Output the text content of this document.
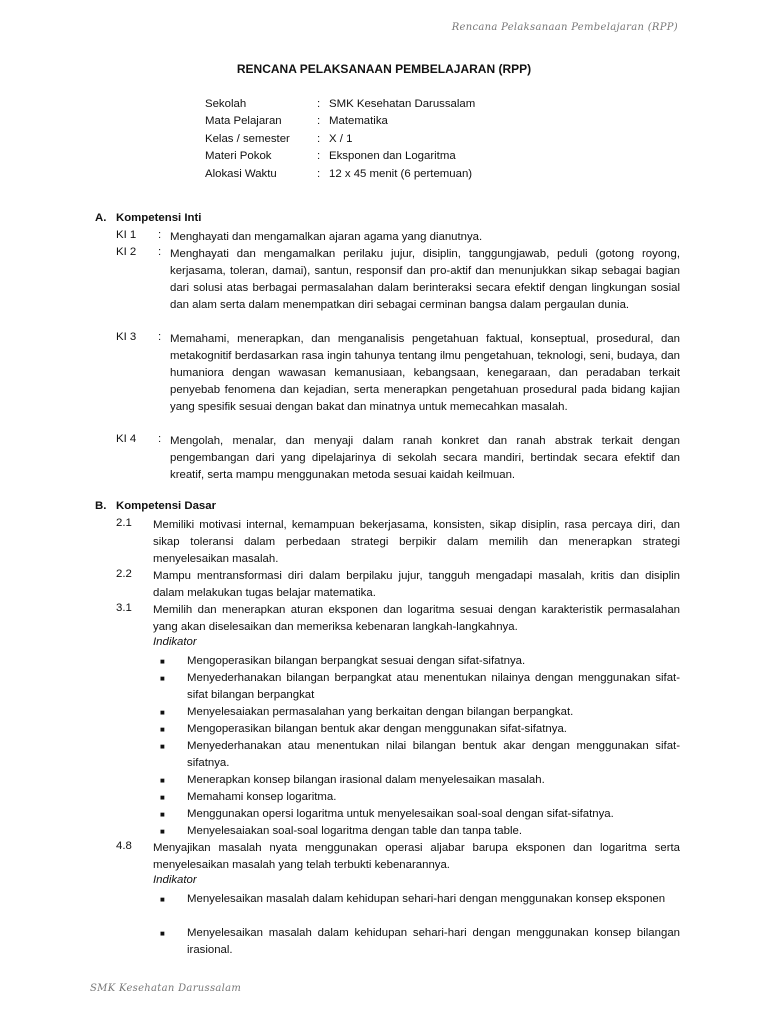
Rencana Pelaksanaan Pembelajaran (RPP)
RENCANA PELAKSANAAN PEMBELAJARAN (RPP)
Sekolah	: SMK Kesehatan Darussalam
Mata Pelajaran	: Matematika
Kelas / semester	: X / 1
Materi Pokok	: Eksponen dan Logaritma
Alokasi Waktu	: 12 x 45 menit (6 pertemuan)
A. Kompetensi Inti
KI 1	: Menghayati dan mengamalkan ajaran agama yang dianutnya.
KI 2	: Menghayati dan mengamalkan perilaku jujur, disiplin, tanggungjawab, peduli (gotong royong, kerjasama, toleran, damai), santun, responsif dan pro-aktif dan menunjukkan sikap sebagai bagian dari solusi atas berbagai permasalahan dalam berinteraksi secara efektif dengan lingkungan sosial dan alam serta dalam menempatkan diri sebagai cerminan bangsa dalam pergaulan dunia.
KI 3	: Memahami, menerapkan, dan menganalisis pengetahuan faktual, konseptual, prosedural, dan metakognitif berdasarkan rasa ingin tahunya tentang ilmu pengetahuan, teknologi, seni, budaya, dan humaniora dengan wawasan kemanusiaan, kebangsaan, kenegaraan, dan peradaban terkait penyebab fenomena dan kejadian, serta menerapkan pengetahuan prosedural pada bidang kajian yang spesifik sesuai dengan bakat dan minatnya untuk memecahkan masalah.
KI 4	: Mengolah, menalar, dan menyaji dalam ranah konkret dan ranah abstrak terkait dengan pengembangan dari yang dipelajarinya di sekolah secara mandiri, bertindak secara efektif dan kreatif, serta mampu menggunakan metoda sesuai kaidah keilmuan.
B. Kompetensi Dasar
2.1	Memiliki motivasi internal, kemampuan bekerjasama, konsisten, sikap disiplin, rasa percaya diri, dan sikap toleransi dalam perbedaan strategi berpikir dalam memilih dan menerapkan strategi menyelesaikan masalah.
2.2	Mampu mentransformasi diri dalam berpilaku jujur, tangguh mengadapi masalah, kritis dan disiplin dalam melakukan tugas belajar matematika.
3.1	Memilih dan menerapkan aturan eksponen dan logaritma sesuai dengan karakteristik permasalahan yang akan diselesaikan dan memeriksa kebenaran langkah-langkahnya.
Indikator
■	Mengoperasikan bilangan berpangkat sesuai dengan sifat-sifatnya.
■	Menyederhanakan bilangan berpangkat atau menentukan nilainya dengan menggunakan sifat-sifat bilangan berpangkat
■	Menyelesaiakan permasalahan yang berkaitan dengan bilangan berpangkat.
■	Mengoperasikan bilangan bentuk akar dengan menggunakan sifat-sifatnya.
■	Menyederhanakan atau menentukan nilai bilangan bentuk akar dengan menggunakan sifat-sifatnya.
■	Menerapkan konsep bilangan irasional dalam menyelesaikan masalah.
■	Memahami konsep logaritma.
■	Menggunakan opersi logaritma untuk menyelesaikan soal-soal dengan sifat-sifatnya.
■	Menyelesaiakan soal-soal logaritma dengan table dan tanpa table.
4.8	Menyajikan masalah nyata menggunakan operasi aljabar barupa eksponen dan logaritma serta menyelesaikan masalah yang telah terbukti kebenarannya.
Indikator
■	Menyelesaikan masalah dalam kehidupan sehari-hari dengan menggunakan konsep eksponen
■	Menyelesaikan masalah dalam kehidupan sehari-hari dengan menggunakan konsep bilangan irasional.
SMK Kesehatan Darussalam
